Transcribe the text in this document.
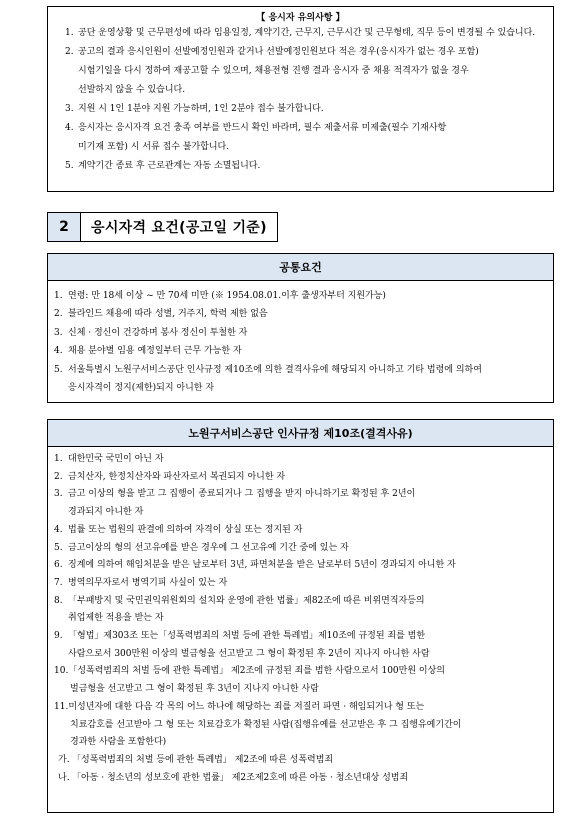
【 응시자 유의사항 】
1.공단 운영상황 및 근무편성에 따라 임용일정, 계약기간, 근무지, 근무시간 및 근무형태, 직무 등이 변경될 수 있습니다.
2.공고의 결과 응시인원이 선발예정인원과 같거나 선발예정인원보다 적은 경우(응시자가 없는 경우 포함)
시험기일을 다시 정하여 재공고할 수 있으며, 채용전형 진행 결과 응시자 중 채용 적격자가 없을 경우
선발하지 않을 수 있습니다.
3.지원 시 1인 1분야 지원 가능하며, 1인 2분야 접수 불가합니다.
4.응시자는 응시자격 요건 충족 여부를 반드시 확인 바라며, 필수 제출서류 미제출(필수 기재사항
미기재 포함) 시 서류 접수 불가합니다.
5.계약기간 종료 후 근로관계는 자동 소멸됩니다.
2	응시자격 요건(공고일 기준)
공통요건
1.연령: 만 18세 이상 ~ 만 70세 미만 (※ 1954.08.01.이후 출생자부터 지원가능)
2.블라인드 채용에 따라 성별, 거주지, 학력 제한 없음
3.신체 · 정신이 건강하며 봉사 정신이 투철한 자
4.채용 분야별 임용 예정일부터 근무 가능한 자
5.서울특별시 노원구서비스공단 인사규정 제10조에 의한 결격사유에 해당되지 아니하고 기타 법령에 의하여
응시자격이 정지(제한)되지 아니한 자
노원구서비스공단 인사규정 제10조(결격사유)
1.대한민국 국민이 아닌 자
2.금치산자, 한정치산자와 파산자로서 복권되지 아니한 자
3.금고 이상의 형을 받고 그 집행이 종료되거나 그 집행을 받지 아니하기로 확정된 후 2년이
경과되지 아니한 자
4.법률 또는 법원의 판결에 의하여 자격이 상실 또는 정지된 자
5.금고이상의 형의 선고유예를 받은 경우에 그 선고유예 기간 중에 있는 자
6.징계에 의하여 해임처분을 받은 날로부터 3년, 파면처분을 받은 날로부터 5년이 경과되지 아니한 자
7.병역의무자로서 병역기피 사실이 있는 자
8.「부패방지 및 국민권익위원회의 설치와 운영에 관한 법률」제82조에 따른 비위면직자등의
취업제한 적용을 받는 자
9.「형법」제303조 또는「성폭력범죄의 처벌 등에 관한 특례법」제10조에 규정된 죄를 범한
사람으로서 300만원 이상의 벌금형을 선고받고 그 형이 확정된 후 2년이 지나지 아니한 사람
10.「성폭력범죄의 처벌 등에 관한 특례법」 제2조에 규정된 죄를 범한 사람으로서 100만원 이상의
벌금형을 선고받고 그 형이 확정된 후 3년이 지나지 아니한 사람
11.미성년자에 대한 다음 각 목의 어느 하나에 해당하는 죄를 저질러 파면 · 해임되거나 형 또는
치료감호를 선고받아 그 형 또는 치료감호가 확정된 사람(집행유예를 선고받은 후 그 집행유예기간이
경과한 사람을 포함한다)
가.「성폭력범죄의 처벌 등에 관한 특례법」 제2조에 따른 성폭력범죄
나.「아동 · 청소년의 성보호에 관한 법률」 제2조제2호에 따른 아동 · 청소년대상 성범죄
